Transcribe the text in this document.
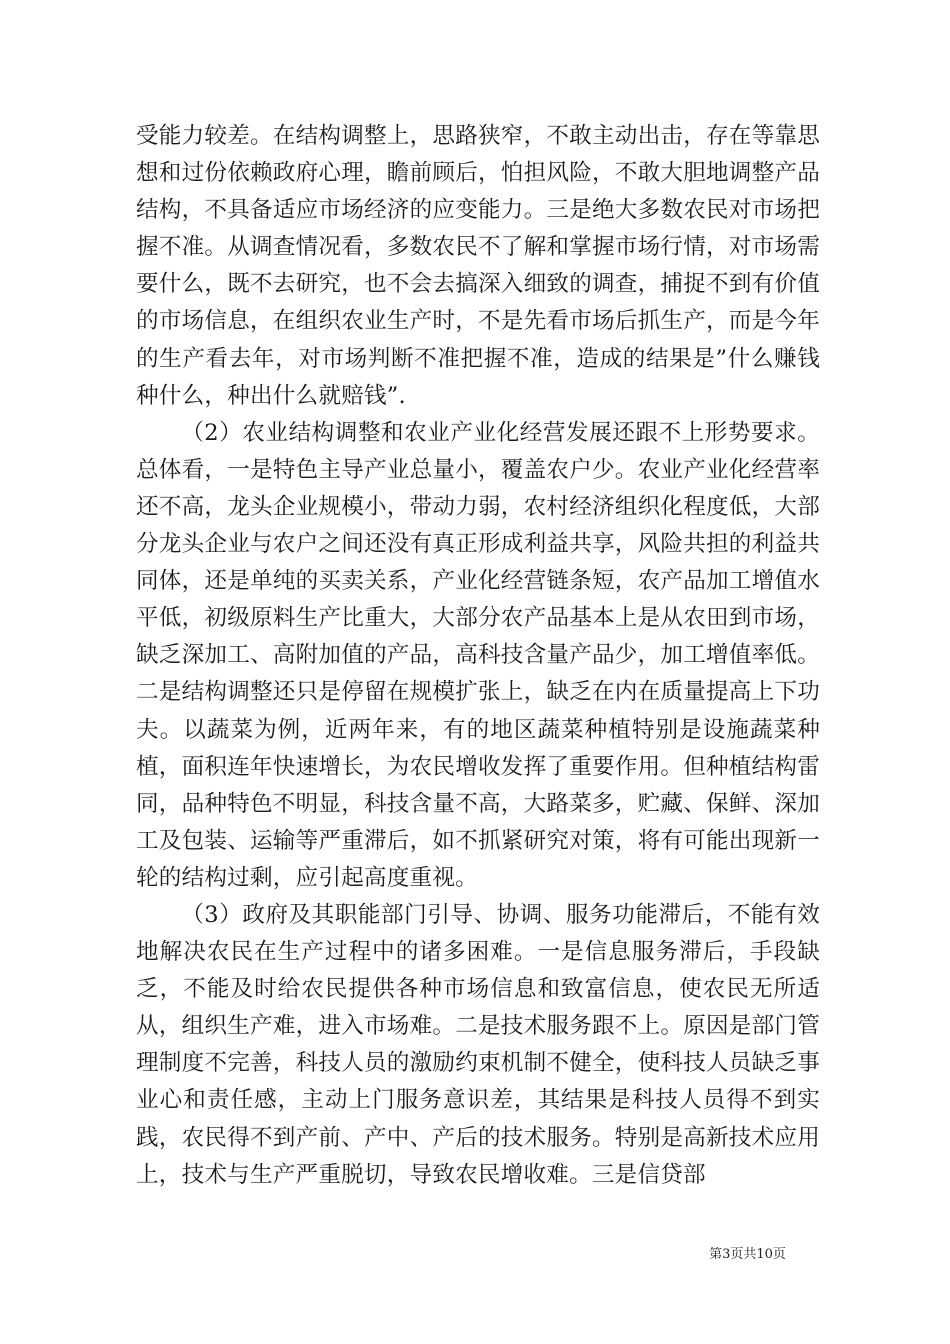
受能力较差。在结构调整上，思路狭窄，不敢主动出击，存在等靠思想和过份依赖政府心理，瞻前顾后，怕担风险，不敢大胆地调整产品结构，不具备适应市场经济的应变能力。三是绝大多数农民对市场把握不准。从调查情况看，多数农民不了解和掌握市场行情，对市场需要什么，既不去研究，也不会去搞深入细致的调查，捕捉不到有价值的市场信息，在组织农业生产时，不是先看市场后抓生产，而是今年的生产看去年，对市场判断不准把握不准，造成的结果是”什么赚钱种什么，种出什么就赔钱”.

（2）农业结构调整和农业产业化经营发展还跟不上形势要求。总体看，一是特色主导产业总量小，覆盖农户少。农业产业化经营率还不高，龙头企业规模小，带动力弱，农村经济组织化程度低，大部分龙头企业与农户之间还没有真正形成利益共享，风险共担的利益共同体，还是单纯的买卖关系，产业化经营链条短，农产品加工增值水平低，初级原料生产比重大，大部分农产品基本上是从农田到市场，缺乏深加工、高附加值的产品，高科技含量产品少，加工增值率低。二是结构调整还只是停留在规模扩张上，缺乏在内在质量提高上下功夫。以蔬菜为例，近两年来，有的地区蔬菜种植特别是设施蔬菜种植，面积连年快速增长，为农民增收发挥了重要作用。但种植结构雷同，品种特色不明显，科技含量不高，大路菜多，贮藏、保鲜、深加工及包装、运输等严重滞后，如不抓紧研究对策，将有可能出现新一轮的结构过剩，应引起高度重视。

（3）政府及其职能部门引导、协调、服务功能滞后，不能有效地解决农民在生产过程中的诸多困难。一是信息服务滞后，手段缺乏，不能及时给农民提供各种市场信息和致富信息，使农民无所适从，组织生产难，进入市场难。二是技术服务跟不上。原因是部门管理制度不完善，科技人员的激励约束机制不健全，使科技人员缺乏事业心和责任感，主动上门服务意识差，其结果是科技人员得不到实践，农民得不到产前、产中、产后的技术服务。特别是高新技术应用上，技术与生产严重脱切，导致农民增收难。三是信贷部

第3页共10页
